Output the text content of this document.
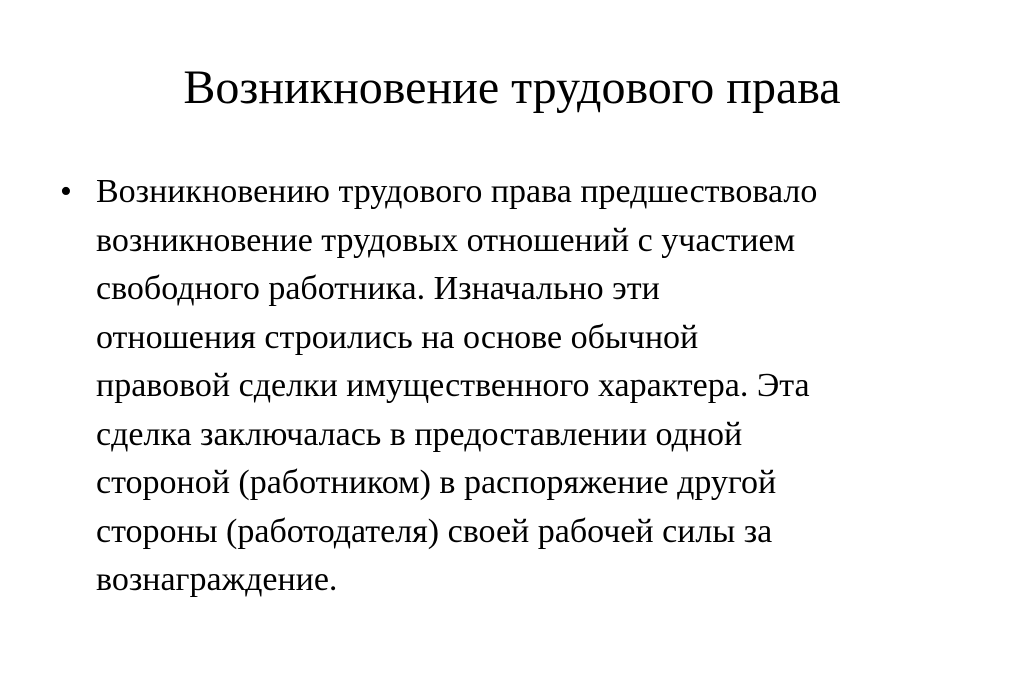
Возникновение трудового права
• Возникновению трудового права предшествовало
возникновение трудовых отношений с участием
свободного работника. Изначально эти
отношения строились на основе обычной
правовой сделки имущественного характера. Эта
сделка заключалась в предоставлении одной
стороной (работником) в распоряжение другой
стороны (работодателя) своей рабочей силы за
вознаграждение.
